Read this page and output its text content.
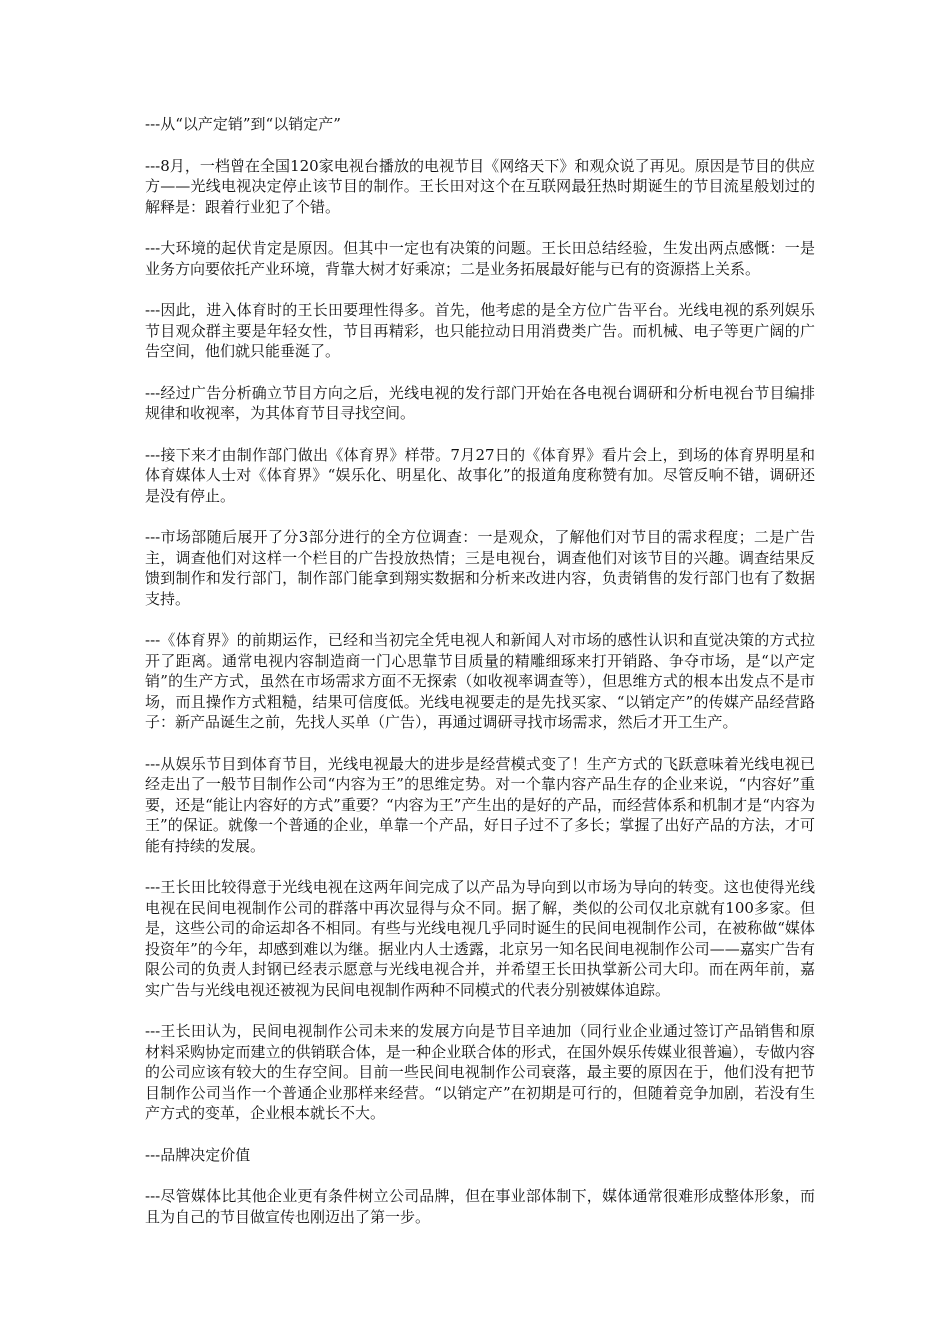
---从“以产定销”到“以销定产”

---8月，一档曾在全国120家电视台播放的电视节目《网络天下》和观众说了再见。原因是节目的供应方——光线电视决定停止该节目的制作。王长田对这个在互联网最狂热时期诞生的节目流星般划过的解释是：跟着行业犯了个错。

---大环境的起伏肯定是原因。但其中一定也有决策的问题。王长田总结经验，生发出两点感慨：一是业务方向要依托产业环境，背靠大树才好乘凉；二是业务拓展最好能与已有的资源搭上关系。

---因此，进入体育时的王长田要理性得多。首先，他考虑的是全方位广告平台。光线电视的系列娱乐节目观众群主要是年轻女性，节目再精彩，也只能拉动日用消费类广告。而机械、电子等更广阔的广告空间，他们就只能垂涎了。

---经过广告分析确立节目方向之后，光线电视的发行部门开始在各电视台调研和分析电视台节目编排规律和收视率，为其体育节目寻找空间。

---接下来才由制作部门做出《体育界》样带。7月27日的《体育界》看片会上，到场的体育界明星和体育媒体人士对《体育界》“娱乐化、明星化、故事化”的报道角度称赞有加。尽管反响不错，调研还是没有停止。

---市场部随后展开了分3部分进行的全方位调查：一是观众，了解他们对节目的需求程度；二是广告主，调查他们对这样一个栏目的广告投放热情；三是电视台，调查他们对该节目的兴趣。调查结果反馈到制作和发行部门，制作部门能拿到翔实数据和分析来改进内容，负责销售的发行部门也有了数据支持。

---《体育界》的前期运作，已经和当初完全凭电视人和新闻人对市场的感性认识和直觉决策的方式拉开了距离。通常电视内容制造商一门心思靠节目质量的精雕细琢来打开销路、争夺市场，是“以产定销”的生产方式，虽然在市场需求方面不无探索（如收视率调查等），但思维方式的根本出发点不是市场，而且操作方式粗糙，结果可信度低。光线电视要走的是先找买家、“以销定产”的传媒产品经营路子：新产品诞生之前，先找人买单（广告），再通过调研寻找市场需求，然后才开工生产。

---从娱乐节目到体育节目，光线电视最大的进步是经营模式变了！生产方式的飞跃意味着光线电视已经走出了一般节目制作公司“内容为王”的思维定势。对一个靠内容产品生存的企业来说，“内容好”重要，还是“能让内容好的方式”重要？“内容为王”产生出的是好的产品，而经营体系和机制才是“内容为王”的保证。就像一个普通的企业，单靠一个产品，好日子过不了多长；掌握了出好产品的方法，才可能有持续的发展。

---王长田比较得意于光线电视在这两年间完成了以产品为导向到以市场为导向的转变。这也使得光线电视在民间电视制作公司的群落中再次显得与众不同。据了解，类似的公司仅北京就有100多家。但是，这些公司的命运却各不相同。有些与光线电视几乎同时诞生的民间电视制作公司，在被称做“媒体投资年”的今年，却感到难以为继。据业内人士透露，北京另一知名民间电视制作公司——嘉实广告有限公司的负责人封钢已经表示愿意与光线电视合并，并希望王长田执掌新公司大印。而在两年前，嘉实广告与光线电视还被视为民间电视制作两种不同模式的代表分别被媒体追踪。

---王长田认为，民间电视制作公司未来的发展方向是节目辛迪加（同行业企业通过签订产品销售和原材料采购协定而建立的供销联合体，是一种企业联合体的形式，在国外娱乐传媒业很普遍），专做内容的公司应该有较大的生存空间。目前一些民间电视制作公司衰落，最主要的原因在于，他们没有把节目制作公司当作一个普通企业那样来经营。“以销定产”在初期是可行的，但随着竞争加剧，若没有生产方式的变革，企业根本就长不大。

---品牌决定价值

---尽管媒体比其他企业更有条件树立公司品牌，但在事业部体制下，媒体通常很难形成整体形象，而且为自己的节目做宣传也刚迈出了第一步。
